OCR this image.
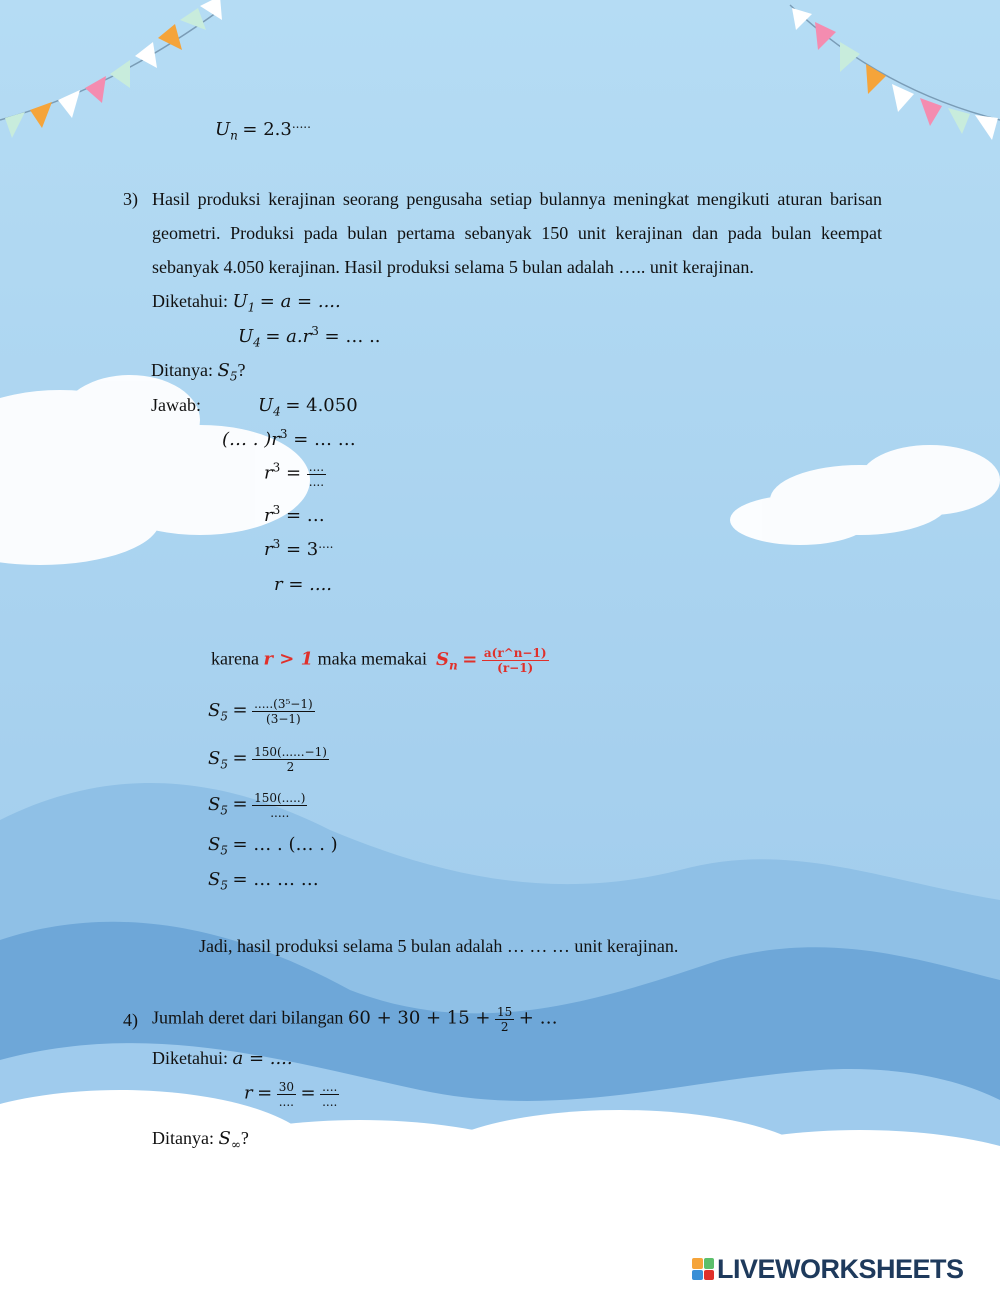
$U_n = 2.3^{.....}$
3) Hasil produksi kerajinan seorang pengusaha setiap bulannya meningkat mengikuti aturan barisan geometri. Produksi pada bulan pertama sebanyak 150 unit kerajinan dan pada bulan keempat sebanyak 4.050 kerajinan. Hasil produksi selama 5 bulan adalah ….. unit kerajinan.
Diketahui: $U_1 = a$ = ....
$U_4 = a.r^3$ = … ..
Ditanya: $S_5$?
Jawab:	$U_4 = 4.050$
(… . )$r^3$ = … …
$r^3 = \frac{....}{....}$
$r^3$ = …
$r^3 = 3^{....}$
r = ....
karena r > 1 maka memakai $S_n = \frac{a(r\^{}n-1)}{(r-1)}$
$S_5 = \frac{\text{.....(3⁵−1)}}{(3-1)}$
$S_5 = \frac{150(......-1)}{2}$
$S_5 = \frac{150(.....)}{.....}$
$S_5$ = … . (… . )
$S_5$ = … … …
Jadi, hasil produksi selama 5 bulan adalah … … … unit kerajinan.
4) Jumlah deret dari bilangan $60 + 30 + 15 + \frac{15}{2}$ + …
Diketahui: a = ....
$r = \frac{30}{....} = \frac{....}{....}$
Ditanya: $S_\infty$?
LIVEWORKSHEETS
